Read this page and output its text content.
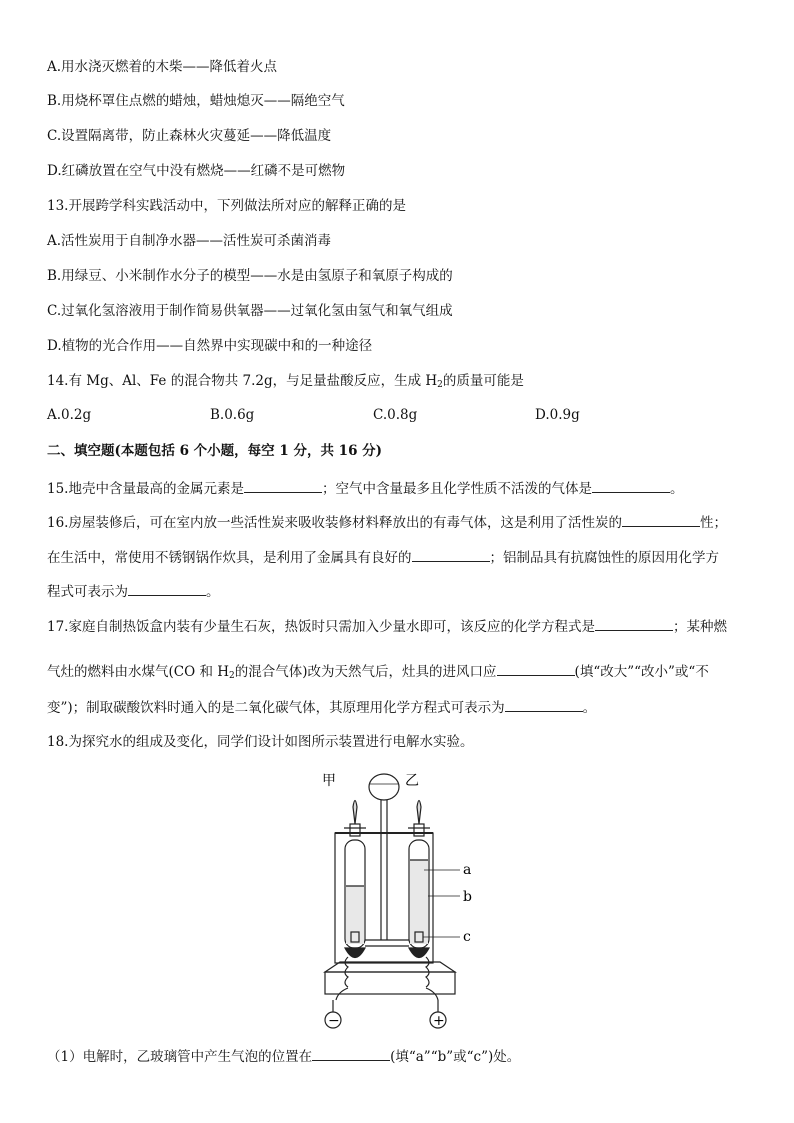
A.用水浇灭燃着的木柴——降低着火点
B.用烧杯罩住点燃的蜡烛，蜡烛熄灭——隔绝空气
C.设置隔离带，防止森林火灾蔓延——降低温度
D.红磷放置在空气中没有燃烧——红磷不是可燃物
13.开展跨学科实践活动中，下列做法所对应的解释正确的是
A.活性炭用于自制净水器——活性炭可杀菌消毒
B.用绿豆、小米制作水分子的模型——水是由氢原子和氧原子构成的
C.过氧化氢溶液用于制作简易供氧器——过氧化氢由氢气和氧气组成
D.植物的光合作用——自然界中实现碳中和的一种途径
14.有 Mg、Al、Fe 的混合物共 7.2g，与足量盐酸反应，生成 $H_2$的质量可能是
A.0.2g	B.0.6g	C.0.8g	D.0.9g
二、填空题(本题包括 6 个小题，每空 1 分，共 16 分)
15.地壳中含量最高的金属元素是	；空气中含量最多且化学性质不活泼的气体是	。
16.房屋装修后，可在室内放一些活性炭来吸收装修材料释放出的有毒气体，这是利用了活性炭的	性；
在生活中，常使用不锈钢锅作炊具，是利用了金属具有良好的	；铝制品具有抗腐蚀性的原因用化学方
程式可表示为	。
17.家庭自制热饭盒内装有少量生石灰，热饭时只需加入少量水即可，该反应的化学方程式是	；某种燃
气灶的燃料由水煤气(CO 和 $H_2$的混合气体)改为天然气后，灶具的进风口应	(填“改大”“改小”或“不
变”)；制取碳酸饮料时通入的是二氧化碳气体，其原理用化学方程式可表示为	。
18.为探究水的组成及变化，同学们设计如图所示装置进行电解水实验。
甲	乙
a
b
c
−	+
（1）电解时，乙玻璃管中产生气泡的位置在	(填“a”“b”或“c”)处。
